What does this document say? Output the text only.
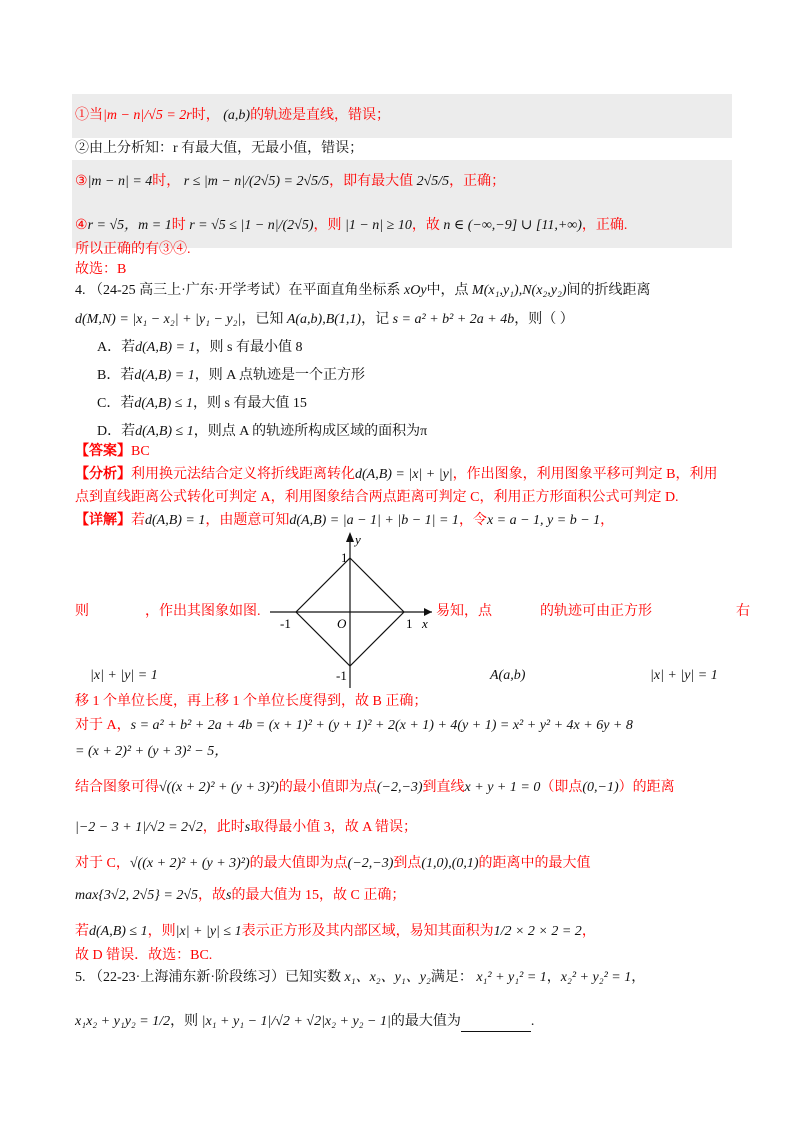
①当|m − n|/√5 = 2r时， (a,b)的轨迹是直线，错误；
②由上分析知：r 有最大值，无最小值，错误；
③|m − n| = 4时， r ≤ |m − n|/(2√5) = 2√5/5，即有最大值 2√5/5，正确；
④r = √5，m = 1时 r = √5 ≤ |1 − n|/(2√5)，则 |1 − n| ≥ 10，故 n ∈ (−∞,−9] ∪ [11,+∞)，正确.
所以正确的有③④.
故选：B
4. （24-25 高三上·广东·开学考试）在平面直角坐标系 xOy中，点 M(x₁,y₁),N(x₂,y₂)间的折线距离
d(M,N) = |x₁ − x₂| + |y₁ − y₂|，已知 A(a,b),B(1,1)，记 s = a² + b² + 2a + 4b，则（ ）
A．若d(A,B) = 1，则 s 有最小值 8
B．若d(A,B) = 1，则 A 点轨迹是一个正方形
C．若d(A,B) ≤ 1，则 s 有最大值 15
D．若d(A,B) ≤ 1，则点 A 的轨迹所构成区域的面积为π
【答案】BC
【分析】利用换元法结合定义将折线距离转化d(A,B) = |x| + |y|，作出图象，利用图象平移可判定 B，利用
点到直线距离公式转化可判定 A，利用图象结合两点距离可判定 C，利用正方形面积公式可判定 D.
【详解】若d(A,B) = 1，由题意可知d(A,B) = |a − 1| + |b − 1| = 1，令x = a − 1, y = b − 1，
y
x
O
1
-1
1
-1
则	，作出其图象如图.	易知，点	的轨迹可由正方形	右
|x| + |y| = 1	A(a,b)	|x| + |y| = 1
移 1 个单位长度，再上移 1 个单位长度得到，故 B 正确；
对于 A，s = a² + b² + 2a + 4b = (x + 1)² + (y + 1)² + 2(x + 1) + 4(y + 1) = x² + y² + 4x + 6y + 8
= (x + 2)² + (y + 3)² − 5，
结合图象可得√((x + 2)² + (y + 3)²)的最小值即为点(−2,−3)到直线x + y + 1 = 0（即点(0,−1)）的距离
|−2 − 3 + 1|/√2 = 2√2，此时s取得最小值 3，故 A 错误；
对于 C，√((x + 2)² + (y + 3)²)的最大值即为点(−2,−3)到点(1,0),(0,1)的距离中的最大值
max{3√2, 2√5} = 2√5，故s的最大值为 15，故 C 正确；
若d(A,B) ≤ 1，则|x| + |y| ≤ 1表示正方形及其内部区域，易知其面积为1/2 × 2 × 2 = 2，
故 D 错误．故选：BC.
5. （22-23·上海浦东新·阶段练习）已知实数 x₁、x₂、y₁、y₂满足： x₁² + y₁² = 1，x₂² + y₂² = 1，
x₁x₂ + y₁y₂ = 1/2，则 |x₁ + y₁ − 1|/√2 + √2|x₂ + y₂ − 1|的最大值为	.
